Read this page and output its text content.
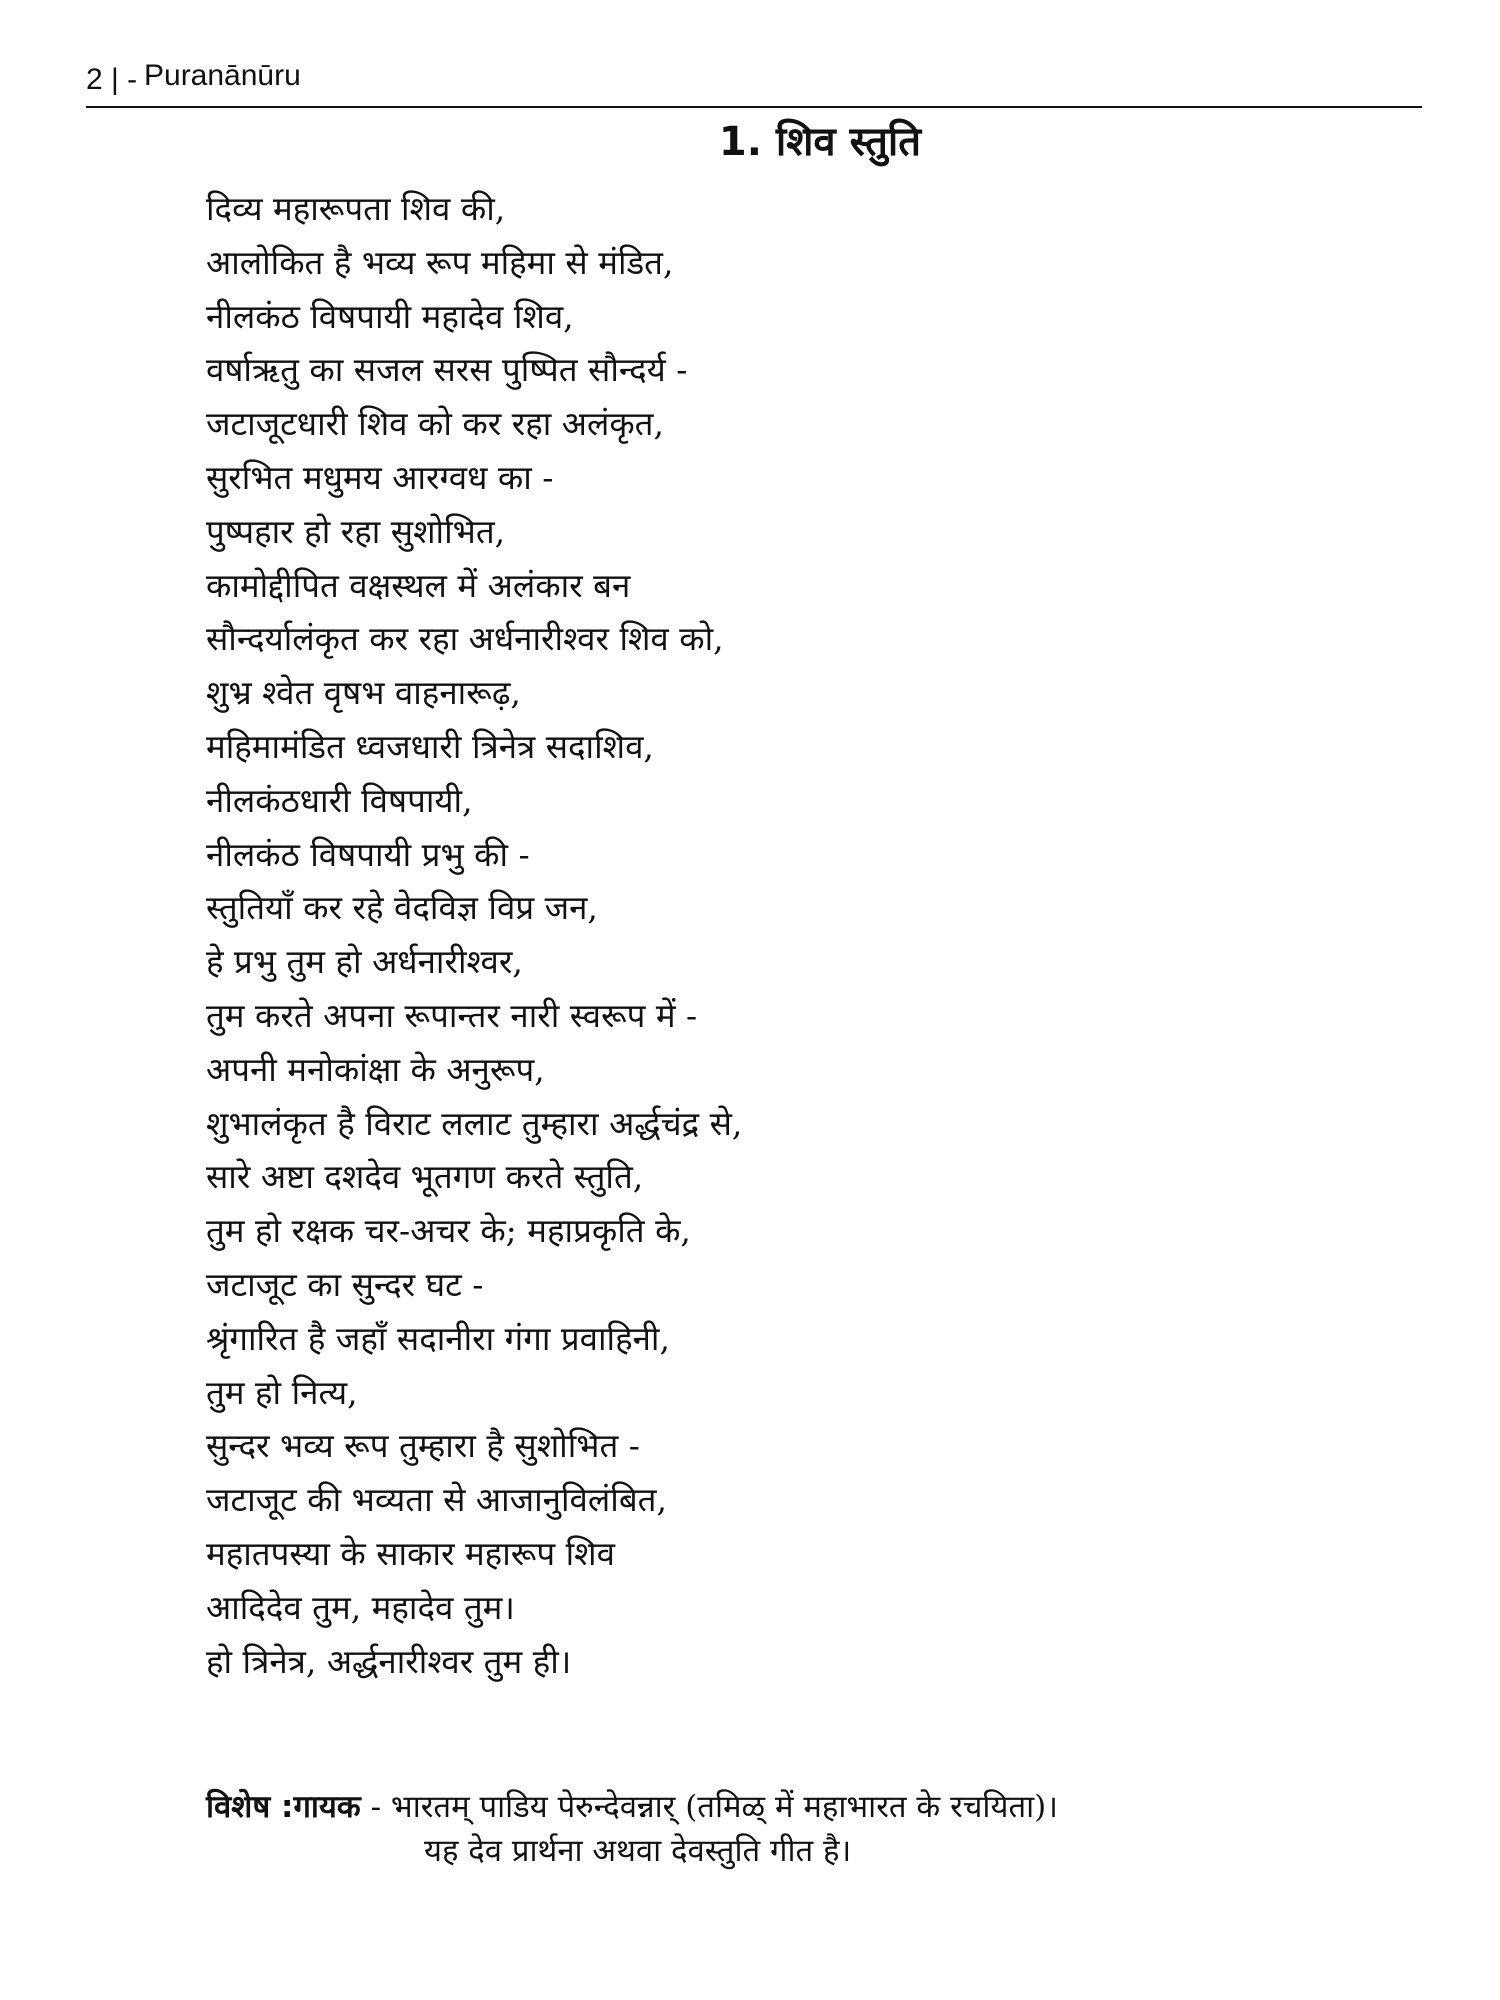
2 | - Puranānūru
1. शिव स्तुति
दिव्य महारूपता शिव की,
आलोकित है भव्य रूप महिमा से मंडित,
नीलकंठ विषपायी महादेव शिव,
वर्षाऋतु का सजल सरस पुष्पित सौन्दर्य -
जटाजूटधारी शिव को कर रहा अलंकृत,
सुरभित मधुमय आरग्वध का -
पुष्पहार हो रहा सुशोभित,
कामोद्दीपित वक्षस्थल में अलंकार बन
सौन्दर्यालंकृत कर रहा अर्धनारीश्वर शिव को,
शुभ्र श्वेत वृषभ वाहनारूढ़,
महिमामंडित ध्वजधारी त्रिनेत्र सदाशिव,
नीलकंठधारी विषपायी,
नीलकंठ विषपायी प्रभु की -
स्तुतियाँ कर रहे वेदविज्ञ विप्र जन,
हे प्रभु तुम हो अर्धनारीश्वर,
तुम करते अपना रूपान्तर नारी स्वरूप में -
अपनी मनोकांक्षा के अनुरूप,
शुभालंकृत है विराट ललाट तुम्हारा अर्द्धचंद्र से,
सारे अष्टा दशदेव भूतगण करते स्तुति,
तुम हो रक्षक चर-अचर के; महाप्रकृति के,
जटाजूट का सुन्दर घट -
श्रृंगारित है जहाँ सदानीरा गंगा प्रवाहिनी,
तुम हो नित्य,
सुन्दर भव्य रूप तुम्हारा है सुशोभित -
जटाजूट की भव्यता से आजानुविलंबित,
महातपस्या के साकार महारूप शिव
आदिदेव तुम, महादेव तुम।
हो त्रिनेत्र, अर्द्धनारीश्वर तुम ही।
विशेष :गायक - भारतम् पाडिय पेरुन्देवन्नार् (तमिळ् में महाभारत के रचयिता)।
यह देव प्रार्थना अथवा देवस्तुति गीत है।
